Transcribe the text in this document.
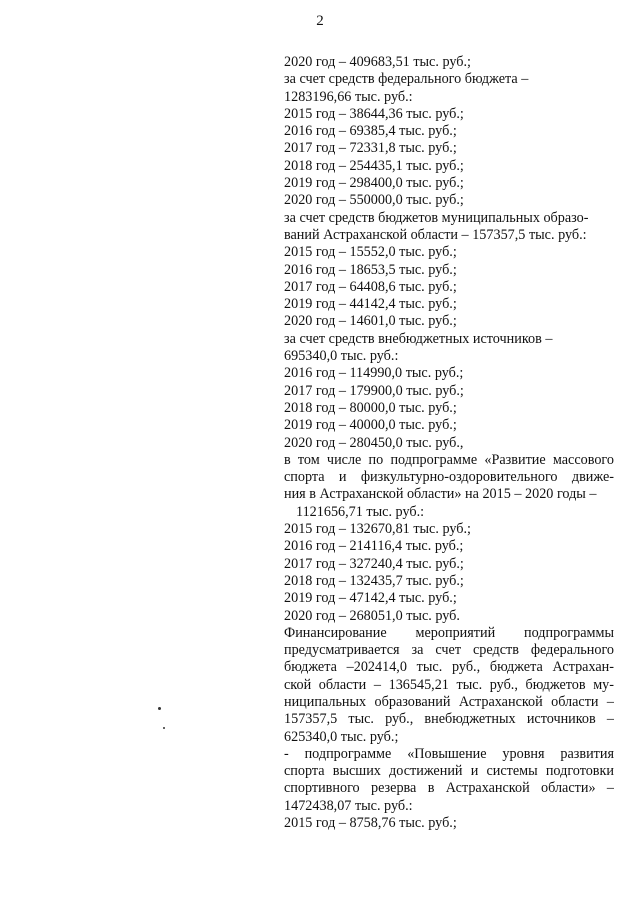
2
2020 год – 409683,51 тыс. руб.;
за счет средств федерального бюджета –
1283196,66 тыс. руб.:
2015 год – 38644,36 тыс. руб.;
2016 год – 69385,4 тыс. руб.;
2017 год – 72331,8 тыс. руб.;
2018 год – 254435,1 тыс. руб.;
2019 год – 298400,0 тыс. руб.;
2020 год – 550000,0 тыс. руб.;
за счет средств бюджетов муниципальных образо-
ваний Астраханской области – 157357,5 тыс. руб.:
2015 год – 15552,0 тыс. руб.;
2016 год – 18653,5 тыс. руб.;
2017 год – 64408,6 тыс. руб.;
2019 год – 44142,4 тыс. руб.;
2020 год – 14601,0 тыс. руб.;
за счет средств внебюджетных источников –
695340,0 тыс. руб.:
2016 год – 114990,0 тыс. руб.;
2017 год – 179900,0 тыс. руб.;
2018 год – 80000,0 тыс. руб.;
2019 год – 40000,0 тыс. руб.;
2020 год – 280450,0 тыс. руб.,
в том числе по подпрограмме «Развитие массового
спорта и физкультурно-оздоровительного движе-
ния в Астраханской области» на 2015 – 2020 годы –
1121656,71 тыс. руб.:
2015 год – 132670,81 тыс. руб.;
2016 год – 214116,4 тыс. руб.;
2017 год – 327240,4 тыс. руб.;
2018 год – 132435,7 тыс. руб.;
2019 год – 47142,4 тыс. руб.;
2020 год – 268051,0 тыс. руб.
Финансирование мероприятий подпрограммы
предусматривается за счет средств федерального
бюджета –202414,0 тыс. руб., бюджета Астрахан-
ской области – 136545,21 тыс. руб., бюджетов му-
ниципальных образований Астраханской области –
157357,5 тыс. руб., внебюджетных источников –
625340,0 тыс. руб.;
- подпрограмме «Повышение уровня развития
спорта высших достижений и системы подготовки
спортивного резерва в Астраханской области» –
1472438,07 тыс. руб.:
2015 год – 8758,76 тыс. руб.;
